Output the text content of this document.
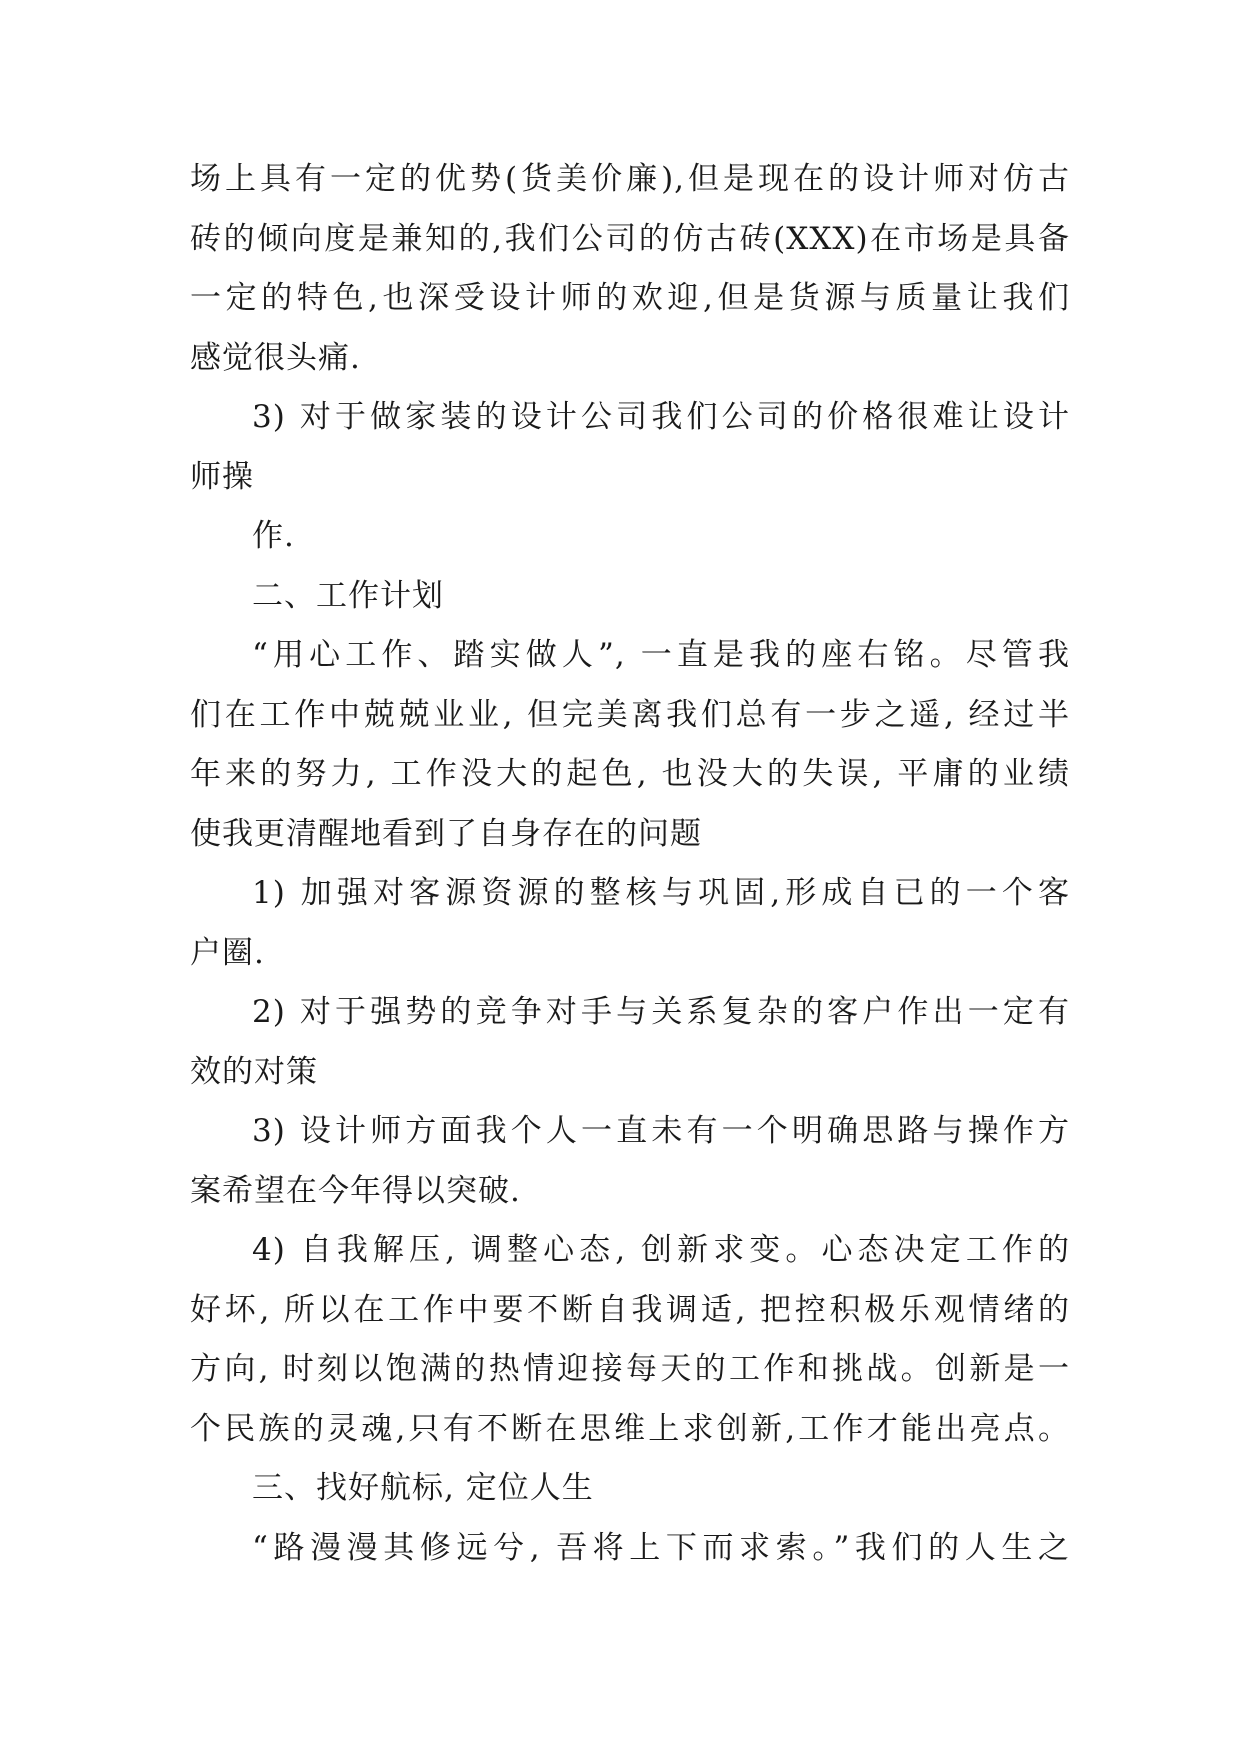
场上具有一定的优势(货美价廉),但是现在的设计师对仿古
砖的倾向度是兼知的,我们公司的仿古砖(XXX)在市场是具备
一定的特色,也深受设计师的欢迎,但是货源与质量让我们
感觉很头痛.
3) 对于做家装的设计公司我们公司的价格很难让设计
师操
作.
二、工作计划
“用心工作、踏实做人”, 一直是我的座右铭。尽管我
们在工作中兢兢业业, 但完美离我们总有一步之遥, 经过半
年来的努力, 工作没大的起色, 也没大的失误, 平庸的业绩
使我更清醒地看到了自身存在的问题
1) 加强对客源资源的整核与巩固,形成自已的一个客
户圈.
2) 对于强势的竞争对手与关系复杂的客户作出一定有
效的对策
3) 设计师方面我个人一直未有一个明确思路与操作方
案希望在今年得以突破.
4) 自我解压, 调整心态, 创新求变。心态决定工作的
好坏, 所以在工作中要不断自我调适, 把控积极乐观情绪的
方向, 时刻以饱满的热情迎接每天的工作和挑战。创新是一
个民族的灵魂,只有不断在思维上求创新,工作才能出亮点。
三、找好航标, 定位人生
“路漫漫其修远兮, 吾将上下而求索。”我们的人生之
